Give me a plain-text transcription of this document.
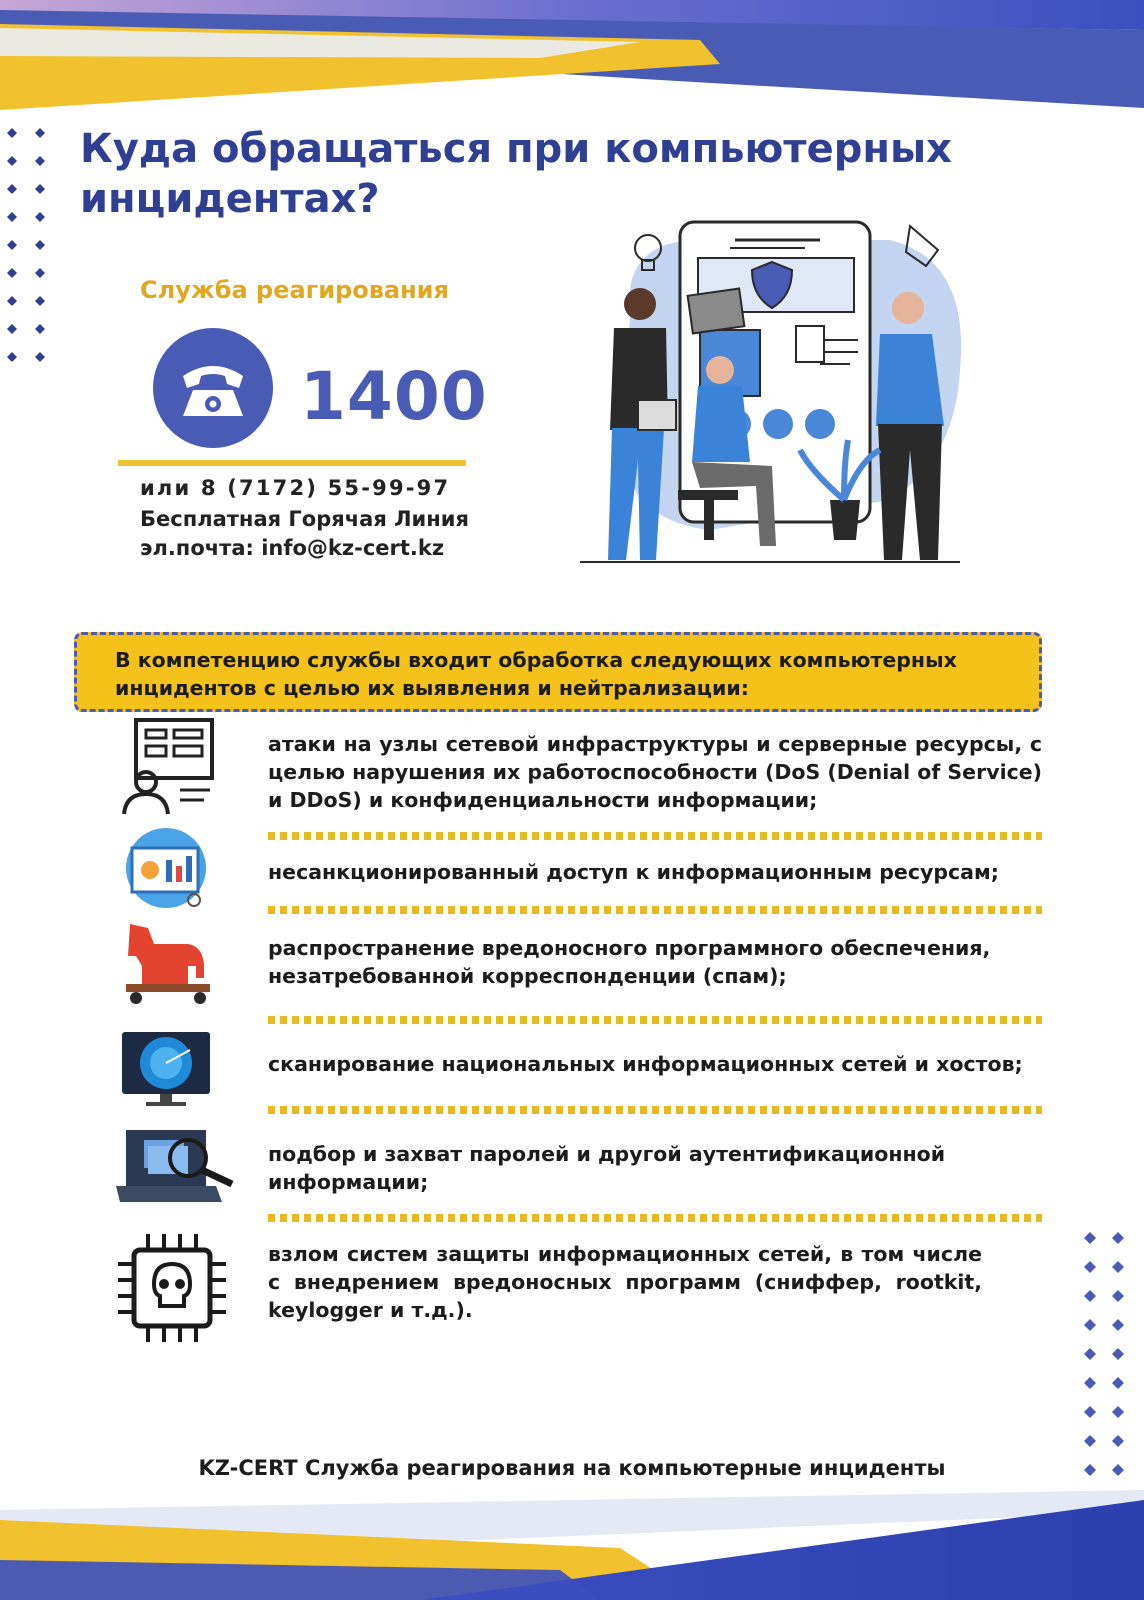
Куда обращаться при компьютерных инцидентах?
Служба реагирования
1400
или 8 (7172) 55-99-97
Бесплатная Горячая Линия
эл.почта: info@kz-cert.kz
В компетенцию службы входит обработка следующих компьютерных инцидентов с целью их выявления и нейтрализации:
атаки на узлы сетевой инфраструктуры и серверные ресурсы, с целью нарушения их работоспособности (DoS (Denial of Service) и DDoS) и конфиденциальности информации;
несанкционированный доступ к информационным ресурсам;
распространение вредоносного программного обеспечения, незатребованной корреспонденции (спам);
сканирование национальных информационных сетей и хостов;
подбор и захват паролей и другой аутентификационной информации;
взлом систем защиты информационных сетей, в том числе с внедрением вредоносных программ (сниффер, rootkit, keylogger и т.д.).
KZ-CERT Служба реагирования на компьютерные инциденты
